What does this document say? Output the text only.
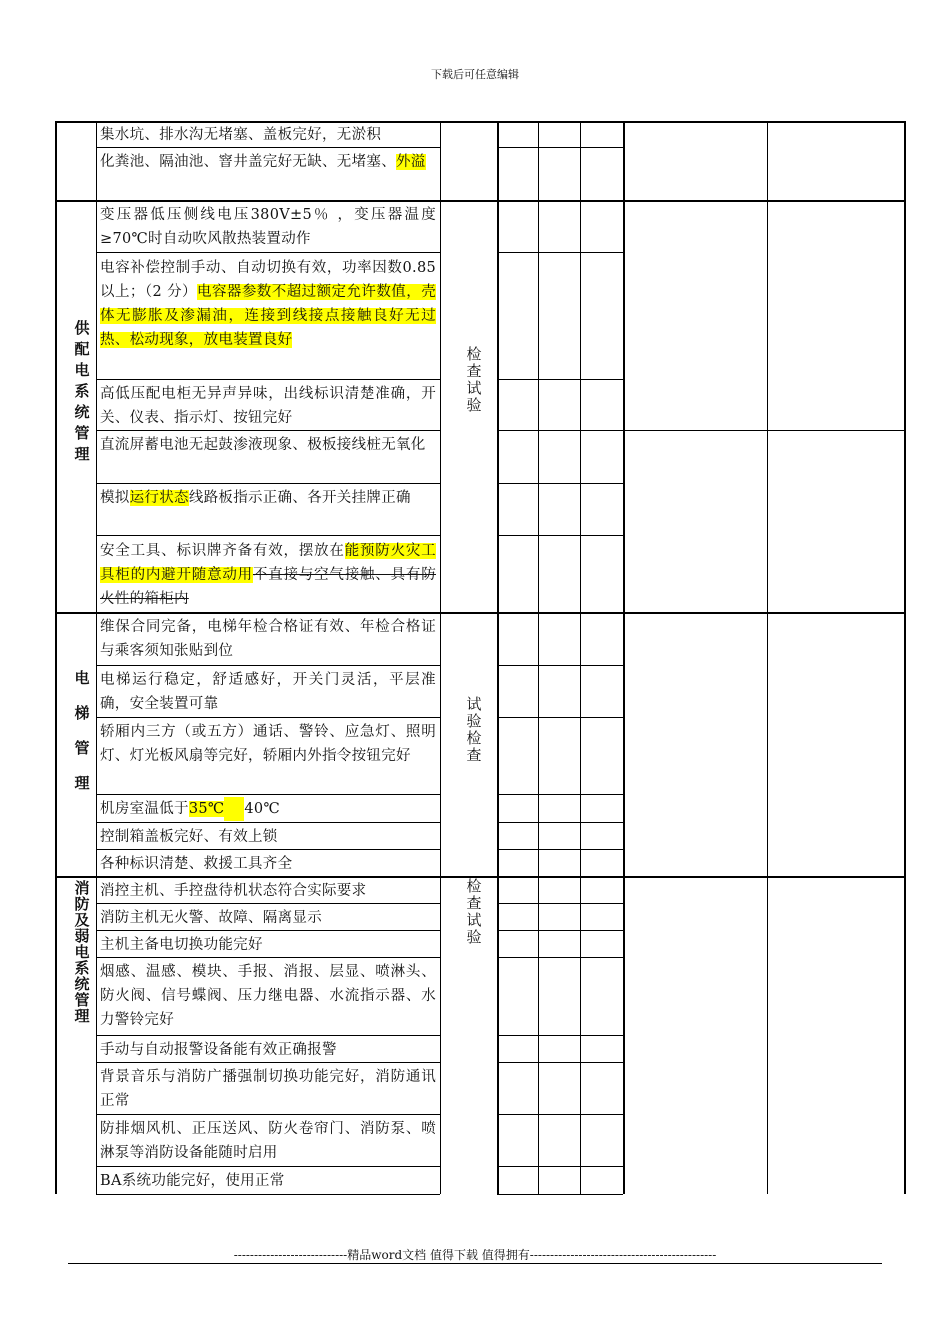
下载后可任意编辑
供配电系统管理
电梯管理
消防及弱电系统管理
检查试验
试验检查
检查试验
集水坑、排水沟无堵塞、盖板完好，无淤积
化粪池、隔油池、窨井盖完好无缺、无堵塞、外溢
变压器低压侧线电压380V±5％ ，变压器温度≥70℃时自动吹风散热装置动作
电容补偿控制手动、自动切换有效，功率因数0.85以上；（2 分）电容器参数不超过额定允许数值，壳体无膨胀及渗漏油，连接到线接点接触良好无过热、松动现象，放电装置良好
高低压配电柜无异声异味，出线标识清楚准确，开关、仪表、指示灯、按钮完好
直流屏蓄电池无起鼓渗液现象、极板接线桩无氧化
模拟运行状态线路板指示正确、各开关挂牌正确
安全工具、标识牌齐备有效，摆放在能预防火灾工具柜的内避开随意动用不直接与空气接触、具有防火性的箱柜内
维保合同完备，电梯年检合格证有效、年检合格证与乘客须知张贴到位
电梯运行稳定，舒适感好，开关门灵活，平层准确，安全装置可靠
轿厢内三方（或五方）通话、警铃、应急灯、照明灯、灯光板风扇等完好，轿厢内外指令按钮完好
机房室温低于35℃ 40℃
控制箱盖板完好、有效上锁
各种标识清楚、救援工具齐全
消控主机、手控盘待机状态符合实际要求
消防主机无火警、故障、隔离显示
主机主备电切换功能完好
烟感、温感、模块、手报、消报、层显、喷淋头、防火阀、信号蝶阀、压力继电器、水流指示器、水力警铃完好
手动与自动报警设备能有效正确报警
背景音乐与消防广播强制切换功能完好，消防通讯正常
防排烟风机、正压送风、防火卷帘门、消防泵、喷淋泵等消防设备能随时启用
BA系统功能完好，使用正常
----------------------------精品word文档 值得下载 值得拥有----------------------------------------------
